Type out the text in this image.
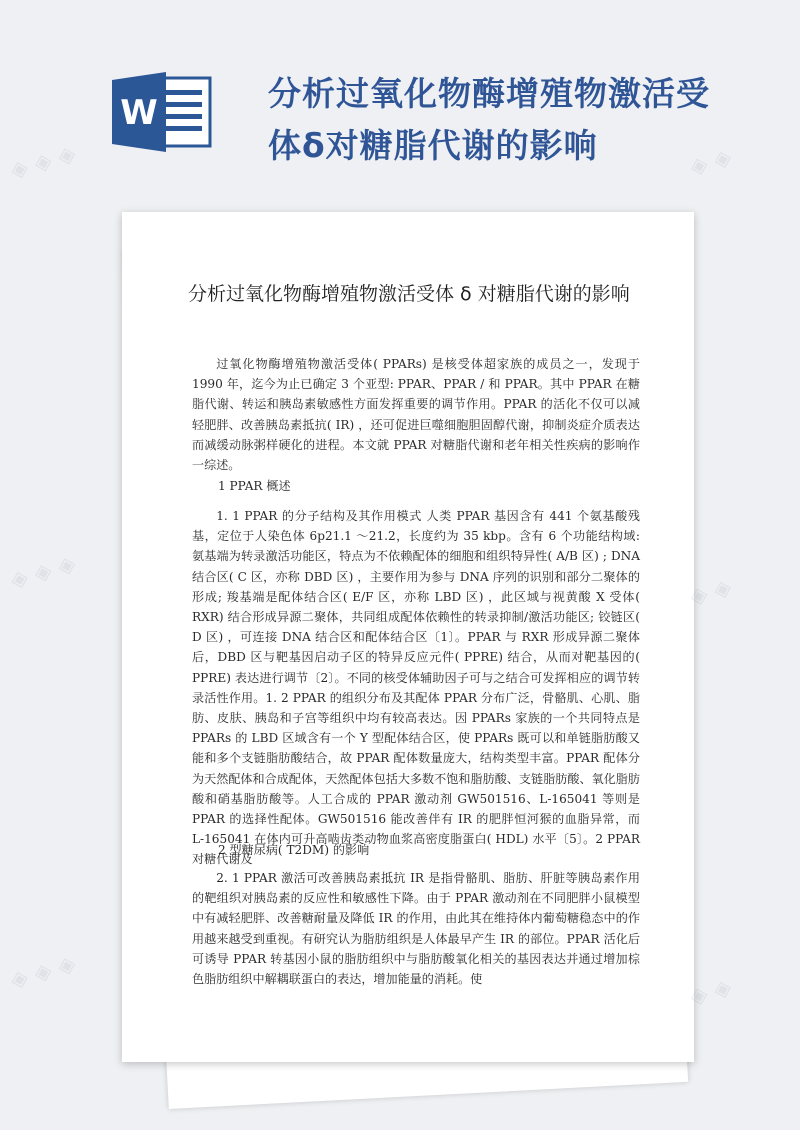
W	分析过氧化物酶增殖物激活受体δ对糖脂代谢的影响
分析过氧化物酶增殖物激活受体 δ 对糖脂代谢的影响

过氧化物酶增殖物激活受体( PPARs) 是核受体超家族的成员之一，发现于 1990 年，迄今为止已确定 3 个亚型: PPAR、PPAR / 和 PPAR。其中 PPAR 在糖脂代谢、转运和胰岛素敏感性方面发挥重要的调节作用。PPAR 的活化不仅可以减轻肥胖、改善胰岛素抵抗( IR) ，还可促进巨噬细胞胆固醇代谢，抑制炎症介质表达而减缓动脉粥样硬化的进程。本文就 PPAR 对糖脂代谢和老年相关性疾病的影响作一综述。

1 PPAR 概述

1. 1 PPAR 的分子结构及其作用模式 人类 PPAR 基因含有 441 个氨基酸残基，定位于人染色体 6p21.1 ～21.2，长度约为 35 kbp。含有 6 个功能结构域: 氨基端为转录激活功能区，特点为不依赖配体的细胞和组织特异性( A/B 区) ; DNA 结合区( C 区，亦称 DBD 区) ，主要作用为参与 DNA 序列的识别和部分二聚体的形成; 羧基端是配体结合区( E/F 区，亦称 LBD 区) ，此区域与视黄酸 X 受体( RXR) 结合形成异源二聚体，共同组成配体依赖性的转录抑制/激活功能区; 铰链区( D 区) ，可连接 DNA 结合区和配体结合区〔1〕。PPAR 与 RXR 形成异源二聚体后，DBD 区与靶基因启动子区的特异反应元件( PPRE) 结合，从而对靶基因的( PPRE) 表达进行调节〔2〕。不同的核受体辅助因子可与之结合可发挥相应的调节转录活性作用。1. 2 PPAR 的组织分布及其配体 PPAR 分布广泛，骨骼肌、心肌、脂肪、皮肤、胰岛和子宫等组织中均有较高表达。因 PPARs 家族的一个共同特点是 PPARs 的 LBD 区域含有一个 Y 型配体结合区，使 PPARs 既可以和单链脂肪酸又能和多个支链脂肪酸结合，故 PPAR 配体数量庞大，结构类型丰富。PPAR 配体分为天然配体和合成配体，天然配体包括大多数不饱和脂肪酸、支链脂肪酸、氧化脂肪酸和硝基脂肪酸等。人工合成的 PPAR 激动剂 GW501516、L-165041 等则是 PPAR 的选择性配体。GW501516 能改善伴有 IR 的肥胖恒河猴的血脂异常，而 L-165041 在体内可升高啮齿类动物血浆高密度脂蛋白( HDL) 水平〔5〕。2 PPAR 对糖代谢及

2 型糖尿病( T2DM) 的影响

2. 1 PPAR 激活可改善胰岛素抵抗 IR 是指骨骼肌、脂肪、肝脏等胰岛素作用的靶组织对胰岛素的反应性和敏感性下降。由于 PPAR 激动剂在不同肥胖小鼠模型中有减轻肥胖、改善糖耐量及降低 IR 的作用，由此其在维持体内葡萄糖稳态中的作用越来越受到重视。有研究认为脂肪组织是人体最早产生 IR 的部位。PPAR 活化后可诱导 PPAR 转基因小鼠的脂肪组织中与脂肪酸氧化相关的基因表达并通过增加棕色脂肪组织中解耦联蛋白的表达，增加能量的消耗。使

◈ ◈ ◈	◈ ◈
◈ ◈ ◈	◈ ◈
◈ ◈ ◈	◈ ◈
